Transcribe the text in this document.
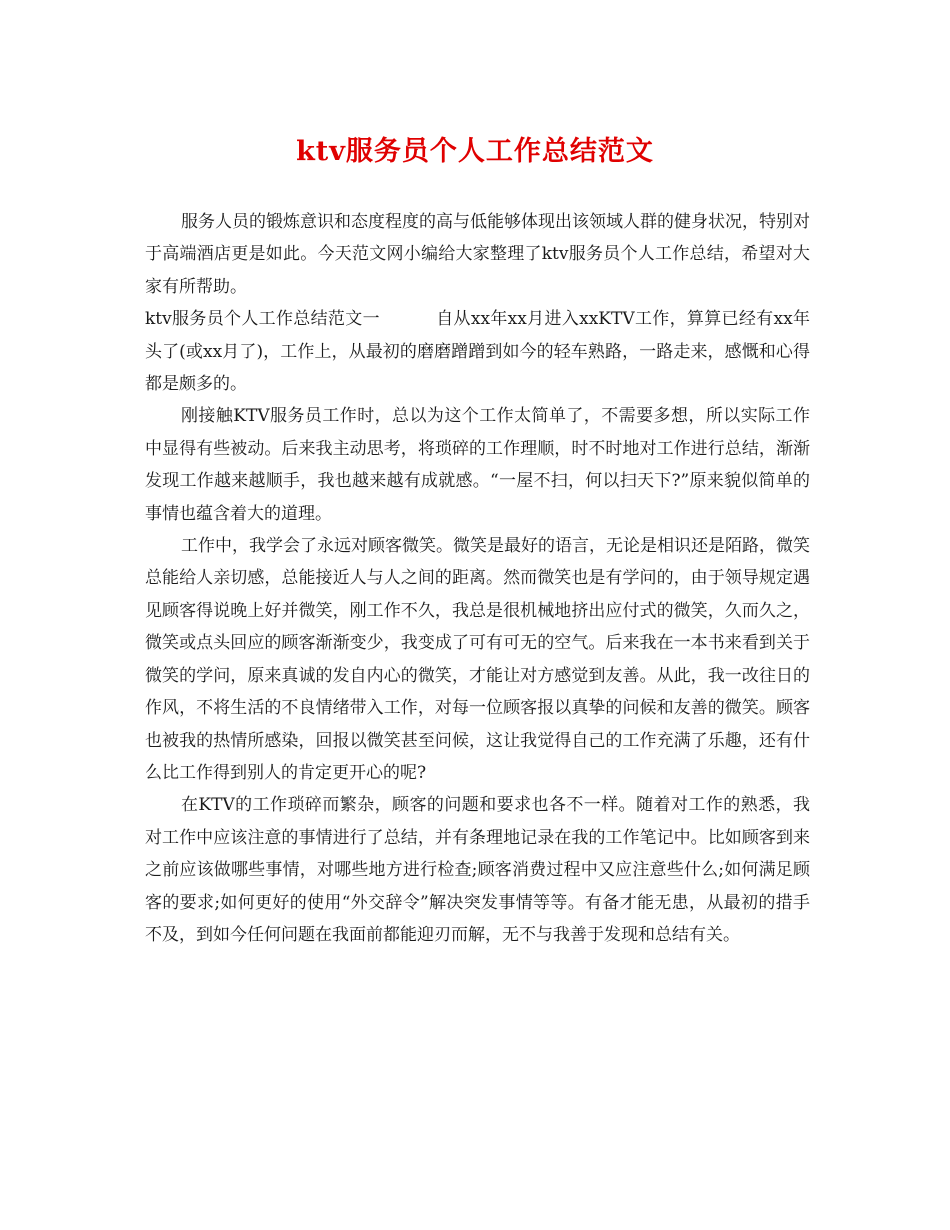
ktv服务员个人工作总结范文

服务人员的锻炼意识和态度程度的高与低能够体现出该领域人群的健身状况，特别对于高端酒店更是如此。今天范文网小编给大家整理了ktv服务员个人工作总结，希望对大家有所帮助。

ktv服务员个人工作总结范文一	自从xx年xx月进入xxKTV工作，算算已经有xx年头了(或xx月了)，工作上，从最初的磨磨蹭蹭到如今的轻车熟路，一路走来，感慨和心得都是颇多的。

刚接触KTV服务员工作时，总以为这个工作太简单了，不需要多想，所以实际工作中显得有些被动。后来我主动思考，将琐碎的工作理顺，时不时地对工作进行总结，渐渐发现工作越来越顺手，我也越来越有成就感。“一屋不扫，何以扫天下?”原来貌似简单的事情也蕴含着大的道理。

工作中，我学会了永远对顾客微笑。微笑是最好的语言，无论是相识还是陌路，微笑总能给人亲切感，总能接近人与人之间的距离。然而微笑也是有学问的，由于领导规定遇见顾客得说晚上好并微笑，刚工作不久，我总是很机械地挤出应付式的微笑，久而久之，微笑或点头回应的顾客渐渐变少，我变成了可有可无的空气。后来我在一本书来看到关于微笑的学问，原来真诚的发自内心的微笑，才能让对方感觉到友善。从此，我一改往日的作风，不将生活的不良情绪带入工作，对每一位顾客报以真挚的问候和友善的微笑。顾客也被我的热情所感染，回报以微笑甚至问候，这让我觉得自己的工作充满了乐趣，还有什么比工作得到别人的肯定更开心的呢?

在KTV的工作琐碎而繁杂，顾客的问题和要求也各不一样。随着对工作的熟悉，我对工作中应该注意的事情进行了总结，并有条理地记录在我的工作笔记中。比如顾客到来之前应该做哪些事情，对哪些地方进行检查;顾客消费过程中又应注意些什么;如何满足顾客的要求;如何更好的使用“外交辞令”解决突发事情等等。有备才能无患，从最初的措手不及，到如今任何问题在我面前都能迎刃而解，无不与我善于发现和总结有关。
